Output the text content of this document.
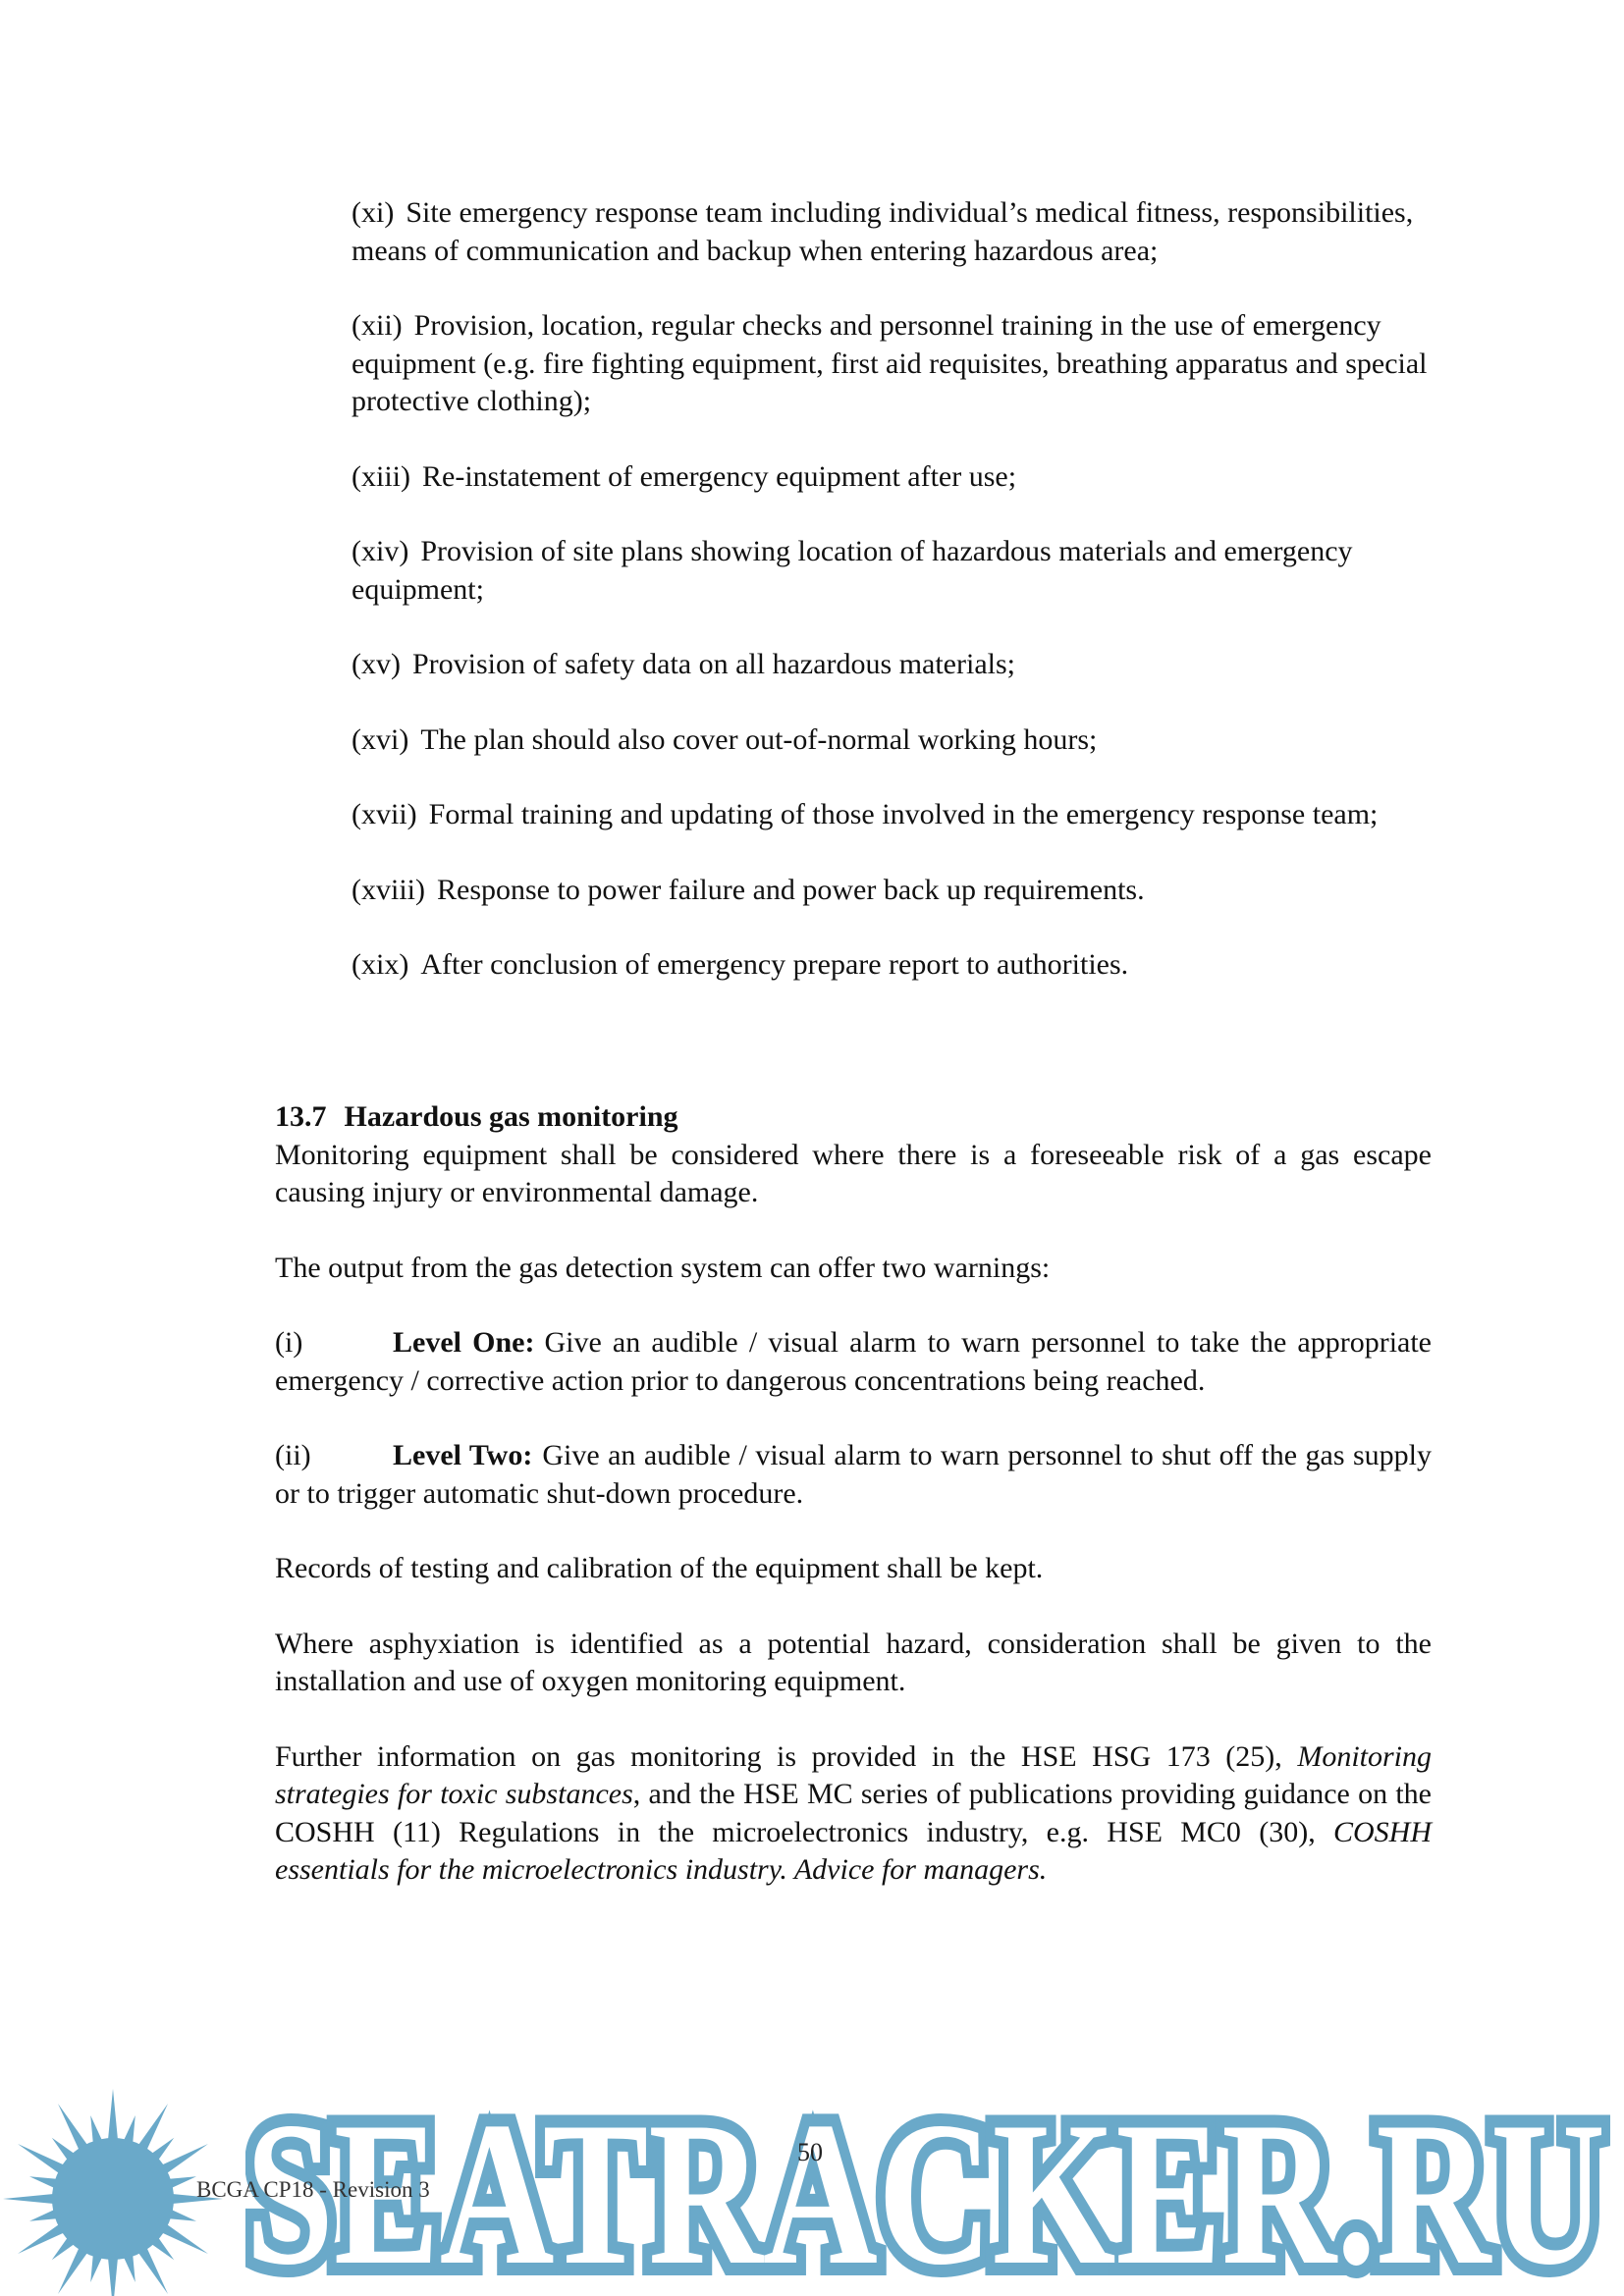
(xi) Site emergency response team including individual’s medical fitness, responsibilities, means of communication and backup when entering hazardous area;

(xii) Provision, location, regular checks and personnel training in the use of emergency equipment (e.g. fire fighting equipment, first aid requisites, breathing apparatus and special protective clothing);

(xiii) Re-instatement of emergency equipment after use;

(xiv) Provision of site plans showing location of hazardous materials and emergency equipment;

(xv) Provision of safety data on all hazardous materials;

(xvi) The plan should also cover out-of-normal working hours;

(xvii) Formal training and updating of those involved in the emergency response team;

(xviii) Response to power failure and power back up requirements.

(xix) After conclusion of emergency prepare report to authorities.

13.7 Hazardous gas monitoring

Monitoring equipment shall be considered where there is a foreseeable risk of a gas escape causing injury or environmental damage.

The output from the gas detection system can offer two warnings:

(i)	Level One: Give an audible / visual alarm to warn personnel to take the appropriate emergency / corrective action prior to dangerous concentrations being reached.

(ii)	Level Two: Give an audible / visual alarm to warn personnel to shut off the gas supply or to trigger automatic shut-down procedure.

Records of testing and calibration of the equipment shall be kept.

Where asphyxiation is identified as a potential hazard, consideration shall be given to the installation and use of oxygen monitoring equipment.

Further information on gas monitoring is provided in the HSE HSG 173 (25), Monitoring strategies for toxic substances, and the HSE MC series of publications providing guidance on the COSHH (11) Regulations in the microelectronics industry, e.g. HSE MC0 (30), COSHH essentials for the microelectronics industry. Advice for managers.

SEATRACKER.RU
50
BCGA CP18 - Revision 3
